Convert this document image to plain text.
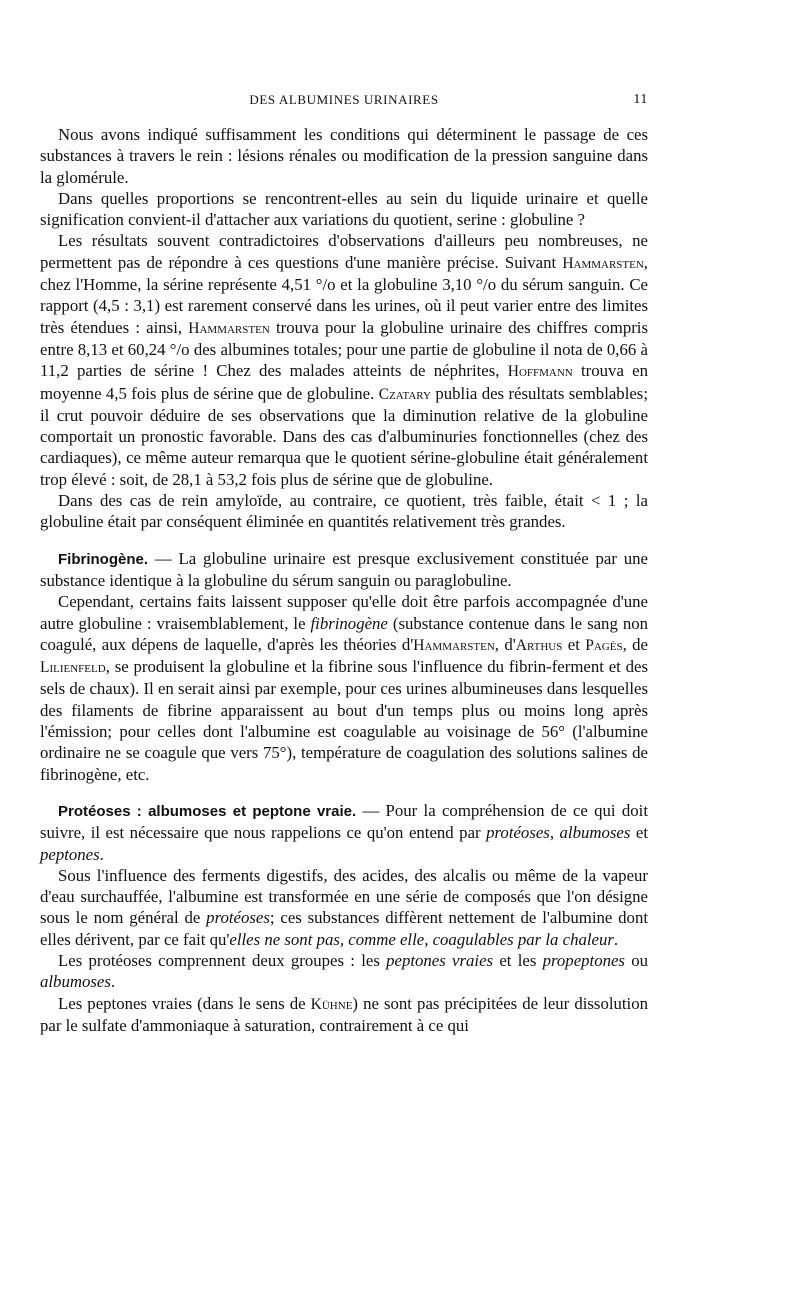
DES ALBUMINES URINAIRES	11

Nous avons indiqué suffisamment les conditions qui déterminent le passage de ces substances à travers le rein : lésions rénales ou modification de la pression sanguine dans la glomérule.

Dans quelles proportions se rencontrent-elles au sein du liquide urinaire et quelle signification convient-il d'attacher aux variations du quotient, serine : globuline ?

Les résultats souvent contradictoires d'observations d'ailleurs peu nombreuses, ne permettent pas de répondre à ces questions d'une manière précise. Suivant Hammarsten, chez l'Homme, la sérine représente 4,51 °/o et la globuline 3,10 °/o du sérum sanguin. Ce rapport (4,5 : 3,1) est rarement conservé dans les urines, où il peut varier entre des limites très étendues : ainsi, Hammarsten trouva pour la globuline urinaire des chiffres compris entre 8,13 et 60,24 °/o des albumines totales; pour une partie de globuline il nota de 0,66 à 11,2 parties de sérine ! Chez des malades atteints de néphrites, Hoffmann trouva en moyenne 4,5 fois plus de sérine que de globuline. Czatary publia des résultats semblables; il crut pouvoir déduire de ses observations que la diminution relative de la globuline comportait un pronostic favorable. Dans des cas d'albuminuries fonctionnelles (chez des cardiaques), ce même auteur remarqua que le quotient sérine-globuline était généralement trop élevé : soit, de 28,1 à 53,2 fois plus de sérine que de globuline.

Dans des cas de rein amyloïde, au contraire, ce quotient, très faible, était < 1 ; la globuline était par conséquent éliminée en quantités relativement très grandes.

Fibrinogène. — La globuline urinaire est presque exclusivement constituée par une substance identique à la globuline du sérum sanguin ou paraglobuline.

Cependant, certains faits laissent supposer qu'elle doit être parfois accompagnée d'une autre globuline : vraisemblablement, le fibrinogène (substance contenue dans le sang non coagulé, aux dépens de laquelle, d'après les théories d'Hammarsten, d'Arthus et Pagès, de Lilienfeld, se produisent la globuline et la fibrine sous l'influence du fibrin-ferment et des sels de chaux). Il en serait ainsi par exemple, pour ces urines albumineuses dans lesquelles des filaments de fibrine apparaissent au bout d'un temps plus ou moins long après l'émission; pour celles dont l'albumine est coagulable au voisinage de 56° (l'albumine ordinaire ne se coagule que vers 75°), température de coagulation des solutions salines de fibrinogène, etc.

Protéoses : albumoses et peptone vraie. — Pour la compréhension de ce qui doit suivre, il est nécessaire que nous rappelions ce qu'on entend par protéoses, albumoses et peptones.

Sous l'influence des ferments digestifs, des acides, des alcalis ou même de la vapeur d'eau surchauffée, l'albumine est transformée en une série de composés que l'on désigne sous le nom général de protéoses; ces substances diffèrent nettement de l'albumine dont elles dérivent, par ce fait qu'elles ne sont pas, comme elle, coagulables par la chaleur.

Les protéoses comprennent deux groupes : les peptones vraies et les propeptones ou albumoses.

Les peptones vraies (dans le sens de Kühne) ne sont pas précipitées de leur dissolution par le sulfate d'ammoniaque à saturation, contrairement à ce qui
